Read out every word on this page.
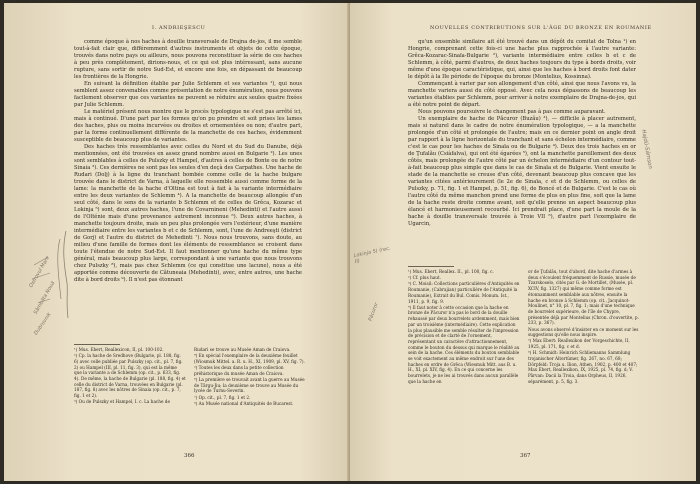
I. ANDRIEŞESCU

comme époque à nos haches à douille transversale de Drajna de-jos, il me semble tout-à-fait clair que, différemment d'autres instruments et objets de cette époque, trouvés dans notre pays ou ailleurs, nous pouvons reconstituer la série de ces haches à peu près complètement, dirions-nous, et ce qui est plus intéressant, sans aucune rupture, sans sortir de notre Sud-Est, et encore une fois, en dépassant de beaucoup les frontières de la Hongrie.

En suivant la définition établie par Julie Schlemm et ses variantes ¹), qui nous semblent assez convenables comme présentation de notre énumération, nous pouvons facilement observer que ces variantes ne peuvent se réduire aux seules quatre fixées par Julie Schlemm.

Le matériel présent nous montre que le procès typologique ne s'est pas arrêté ici, mais à continué. D'une part par les formes qu'on pu prendre et soit prises les lames des haches, plus ou moins incurvées ou droites et ornementées ou non; d'autre part, par la forme continuellement différente de la manchette de ces haches, évidemment susceptible de beaucoup plus de variantes.

Des haches très ressemblantes avec celles du Nord et du Sud du Danube, déjà mentionnées, ont été trouvées en assez grand nombre aussi en Bulgarie ²). Les unes sont semblables à celles de Pulszky et Hampel, d'autres à celles de Bonte ou de notre Sinaia ³). Ces dernières ne sont pas les seules d'en deçà des Carpathes. Une hache de Rudari (Dolj) à la ligne du tranchant bombée comme celle de la hache bulgare trouvée dans le district de Varna, à laquelle elle ressemble aussi comme forme de la lame: la manchette de la hache d'Oltina est tout à fait à la variante intermédiaire entre les deux variantes de Schlemm ⁴). A la manchette de beaucoup allongée d'un seul côté, dans le sens de la variante b Schlemm et de celles de Grěca, Kozarac et Lokinja ⁵) sont, deux autres haches, l'une de Covarnineni (Mehedinti) et l'autre aussi de l'Olténie mais d'une provenance autrement inconnue ⁶). Deux autres haches, à manchette toujours droite, mais un peu plus prolongée vers l'extérieur, d'une manière intermédiaire entre les variantes b et c de Schlemm, sont, l'une de Andreeşti (district de Gorj) et l'autre du district de Mehedinti ⁷). Nous nous trouvons, sans doute, au milieu d'une famille de formes dont les éléments de ressemblance se croisent dans toute l'étendue de notre Sud-Est. Il faut mentionner qu'une hache du même type général, mais beaucoup plus large, correspondant à une variante que nous trouvons chez Pulszky ⁸), mais pas chez Schlemm (ce qui constitue une lacune), nous a été apportée comme découverte de Cătuneaia (Mehedinti), avec, entre autres, une hache dite à bord droits ⁹). Il n'est pas étonnant

¹) Mus. Ebert, Reallexicon, II, pl. 100-102.
²) Cp. la hache de Sredhove (Bulgarie, pl. 188, fig. 6) avec celle publiée par Pulszky (op. cit., pl. 7, fig. 2) ou Hampel (III, pl. 11, fig. 3), qui est la même que la variante a de Schlemm (op. cit., p. 633, fig. 4). De même, la hache de Bulgarie (pl. 188, fig. 4) et celle du district de Varna, trouvées en Bulgarie (pl. 187, fig. 8) avec les nôtres de Sinaia (op. cit., p. 7, fig. 1 et 2).
³) Ou de Pulszky et Hampel, I. c. La hache de
Rudari se trouve au Musée Aman de Craiova.
⁴) En spécial l'exemplaire de la deuxième feuillet (Wiosmuk Mittel. a. R. u. H., XI, 1909, pl. XV, fig. 7).
⁵) Toutes les deux dans la petite collection préhistorique du musée Aman de Craiova.
⁶) La première se trouvait avant la guerre au Musée de Târgu-Jiu; la deuxième se trouve au Musée du lycée de Turnu-Severin.
⁷) Op. cit., pl. 7, fig. 1 et 2.
⁸) Au Musée national d'Antiquités de Bucarest.
366
Ostrovul Mare
Sâmbăta Nouă
Dubrovnik
NOUVELLES CONTRIBUTIONS SUR L'ÂGE DU BRONZE EN ROUMANIE

qu'un ensemble similaire ait été trouvé dans un dépôt du comitat de Tolna ¹) en Hongrie, comprenant cette fois-ci une hache plus rapprochée à l'autre variante: Grěca-Kozarac-Sinaïa-Bulgarie ²), variante intermédiaire entre celles b et c de Schlemm, à côté, parmi d'autres, de deux haches toujours du type à bords droits, voir même d'une époque caractéristique, qui, ainsi que les haches à bord droits font dater le dépôt à la IIe période de l'époque du bronze (Montelius, Kossinna).

Commençant à varier par son allongement d'un côté, ainsi que nous l'avons vu, la manchette variera aussi du côté opposé. Avec cela nous dépassons de beaucoup les variantes établies par Schlemm, pour arriver à notre exemplaire de Drajna-de-jos, qui a été notre point de départ.

Nous pouvons poursuivre le changement pas à pas comme auparavant.

Un exemplaire de hache de Păcuror (Buzău) ³), — difficile à placer autrement, mais si naturel dans le cadre de notre énumération typologique, — a la manchette prolongée d'un côté et prolongée de l'autre; mais en ce dernier point on angle droit par rapport à la ligne horizontale du tranchant et sans échelon intermédiaire, comme c'est le cas pour les haches de Sinaïa ou de Bulgarie ⁴). Deux des trois haches en or de Ţufalău (Csiàfalva), qui ont été égarées ⁵), ont la manchette pareillement des deux côtés, mais prolongée de l'autre côté par un échelon intermédiaire d'un contour tout-à-fait beaucoup plus simple que dans le cas de Sinaïa et de Bulgarie. Vient ensuite le stade de la manchette se creuse d'un côté, devenant beaucoup plus concave que les variantes citées antérieurement (le 2e de Sinaïa, c et d de Schlemm, ou celles de Pulszky, p. 71, fig. 1 et Hampel, p. 51, fig. 6), de Boncé et de Bulgarie. C'est le cas où l'autre côté du même manchon prend une forme de plus en plus fine, soit que la lame de la hache reste droite comme avant, soit qu'elle prenne un aspect beaucoup plus élancé et harmonieusement recourbé. Ici prendrait place, d'une part la moule de la hache à douille transversale trouvée à Troie VII ⁶), d'autre part l'exemplaire de Ugarcin,

¹) Mus. Ebert, Reallex. II., pl. 100, fig. c.
²) Cf. plus haut.
³) C. Moisil: Collections particulières d'Antiquités en Roumanie, (Cabrajian) particulière de l'Antiquité la Roumanie), Extrait du Bul. Comis. Monum. Ist., 1911, p. 9, fig. 9.
⁴) Il faut noter à cette occasion que la hache en bronze de Păcuror n'a pas le bord de la douille rehaussé par deux bourrelets ardemment, mais bien par un troisième (intermédiaire). Cette explication la plus plausible me semble résulter de l'impression de précision et de clarté de l'ornement, représentant un caractère d'attractionnement, comme le bouton du dessus qui marque le réalité au sein de la hache. Ces éléments du bouton semblable se voit exactement au même endroit sur l'une des haches en ordre de Grěca (Wiesmuk Mitt. aus B. u. H., XI, pl. XIV, fig. 4). En ce qui concerne les bourrelets, je ne les ai trouvés dans aucun parallèle que la hache en
or de Ţufalău, tout d'abord, dite hache d'armes à deux s'écoulent fréquemment de Russie, musée de Tzarskoselo, cités par G. de Mortillet, (Musée, pl. XCIV, fig. 1327) qui même comme forme est étonnamment semblable aux nôtres, ensuite la hache en bronze à Schlemm (op. cit., Jacquinot-Moulinet, n° 10, pl. 7, fig. 1; mais d'une technique de bourrelet supérieure, de l'île de Chypre, présentée déjà par Montelius (Chron. d'ouvertite, p. 233, p. 367).
Nous avons observé d'insister en ce moment sur les suggestions qu'elle nous inspire.
⁵) Max Ebert: Reallexikon der Vorgeschichte, II, 1925, pl. 171, fig. c et d.
⁶) H. Schmidt: Heinrich Schliemanns Sammlung trojanischer Altertümer, fig. 267, no. 67, 68; Dörpfeld: Troja u. Ilion, Athen, 1902, p. 400 et 407; Max Ebert, Reallexikon, IX, 1925, pl. 74, fig. d; V. Pârvan: Dacii la Troia, dans Orpheus, II, 1926, séparément, p. 5, fig. 3.
367
Lokinja 5) (rec. II)
Păcuror
Hajdú-Sámson
